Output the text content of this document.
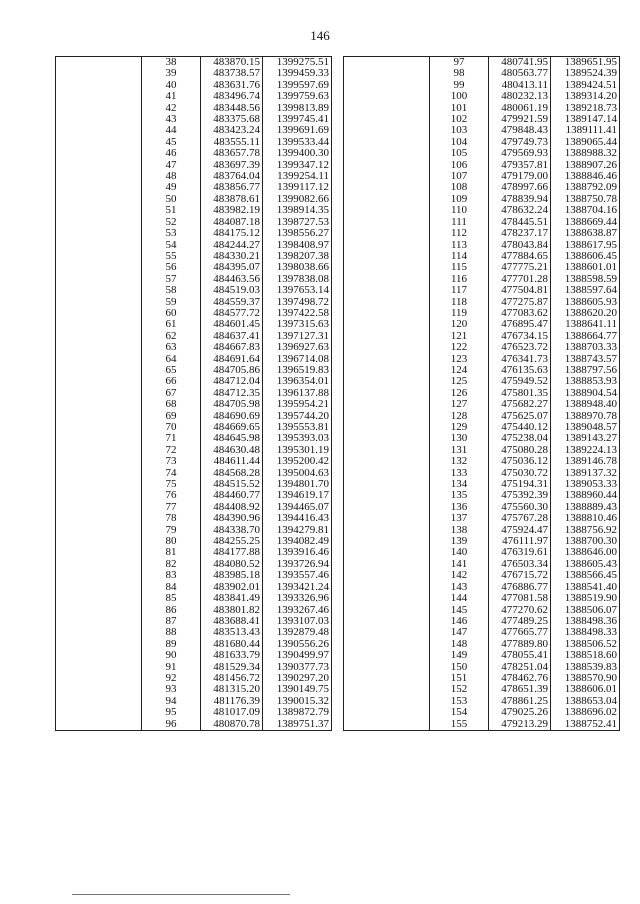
146
	38	483870.15	1399275.51
	39	483738.57	1399459.33
	40	483631.76	1399597.69
	41	483496.74	1399759.63
	42	483448.56	1399813.89
	43	483375.68	1399745.41
	44	483423.24	1399691.69
	45	483555.11	1399533.44
	46	483657.78	1399400.30
	47	483697.39	1399347.12
	48	483764.04	1399254.11
	49	483856.77	1399117.12
	50	483878.61	1399082.66
	51	483982.19	1398914.35
	52	484087.18	1398727.53
	53	484175.12	1398556.27
	54	484244.27	1398408.97
	55	484330.21	1398207.38
	56	484395.07	1398038.66
	57	484463.56	1397838.08
	58	484519.03	1397653.14
	59	484559.37	1397498.72
	60	484577.72	1397422.58
	61	484601.45	1397315.63
	62	484637.41	1397127.31
	63	484667.83	1396927.63
	64	484691.64	1396714.08
	65	484705.86	1396519.83
	66	484712.04	1396354.01
	67	484712.35	1396137.88
	68	484705.98	1395954.21
	69	484690.69	1395744.20
	70	484669.65	1395553.81
	71	484645.98	1395393.03
	72	484630.48	1395301.19
	73	484611.44	1395200.42
	74	484568.28	1395004.63
	75	484515.52	1394801.70
	76	484460.77	1394619.17
	77	484408.92	1394465.07
	78	484390.96	1394416.43
	79	484338.70	1394279.81
	80	484255.25	1394082.49
	81	484177.88	1393916.46
	82	484080.52	1393726.94
	83	483985.18	1393557.46
	84	483902.01	1393421.24
	85	483841.49	1393326.96
	86	483801.82	1393267.46
	87	483688.41	1393107.03
	88	483513.43	1392879.48
	89	481680.44	1390556.26
	90	481633.79	1390499.97
	91	481529.34	1390377.73
	92	481456.72	1390297.20
	93	481315.20	1390149.75
	94	481176.39	1390015.32
	95	481017.09	1389872.79
	96	480870.78	1389751.37
	97	480741.95	1389651.95
	98	480563.77	1389524.39
	99	480413.11	1389424.51
	100	480232.13	1389314.20
	101	480061.19	1389218.73
	102	479921.59	1389147.14
	103	479848.43	1389111.41
	104	479749.73	1389065.44
	105	479569.93	1388988.32
	106	479357.81	1388907.26
	107	479179.00	1388846.46
	108	478997.66	1388792.09
	109	478839.94	1388750.78
	110	478632.24	1388704.16
	111	478445.51	1388669.44
	112	478237.17	1388638.87
	113	478043.84	1388617.95
	114	477884.65	1388606.45
	115	477775.21	1388601.01
	116	477701.28	1388598.59
	117	477504.81	1388597.64
	118	477275.87	1388605.93
	119	477083.62	1388620.20
	120	476895.47	1388641.11
	121	476734.15	1388664.77
	122	476523.72	1388703.33
	123	476341.73	1388743.57
	124	476135.63	1388797.56
	125	475949.52	1388853.93
	126	475801.35	1388904.54
	127	475682.27	1388948.40
	128	475625.07	1388970.78
	129	475440.12	1389048.57
	130	475238.04	1389143.27
	131	475080.28	1389224.13
	132	475036.12	1389146.78
	133	475030.72	1389137.32
	134	475194.31	1389053.33
	135	475392.39	1388960.44
	136	475560.30	1388889.43
	137	475767.28	1388810.46
	138	475924.47	1388756.92
	139	476111.97	1388700.30
	140	476319.61	1388646.00
	141	476503.34	1388605.43
	142	476715.72	1388566.45
	143	476886.77	1388541.40
	144	477081.58	1388519.90
	145	477270.62	1388506.07
	146	477489.25	1388498.36
	147	477665.77	1388498.33
	148	477889.80	1388506.52
	149	478055.41	1388518.60
	150	478251.04	1388539.83
	151	478462.76	1388570.90
	152	478651.39	1388606.01
	153	478861.25	1388653.04
	154	479025.26	1388696.02
	155	479213.29	1388752.41
